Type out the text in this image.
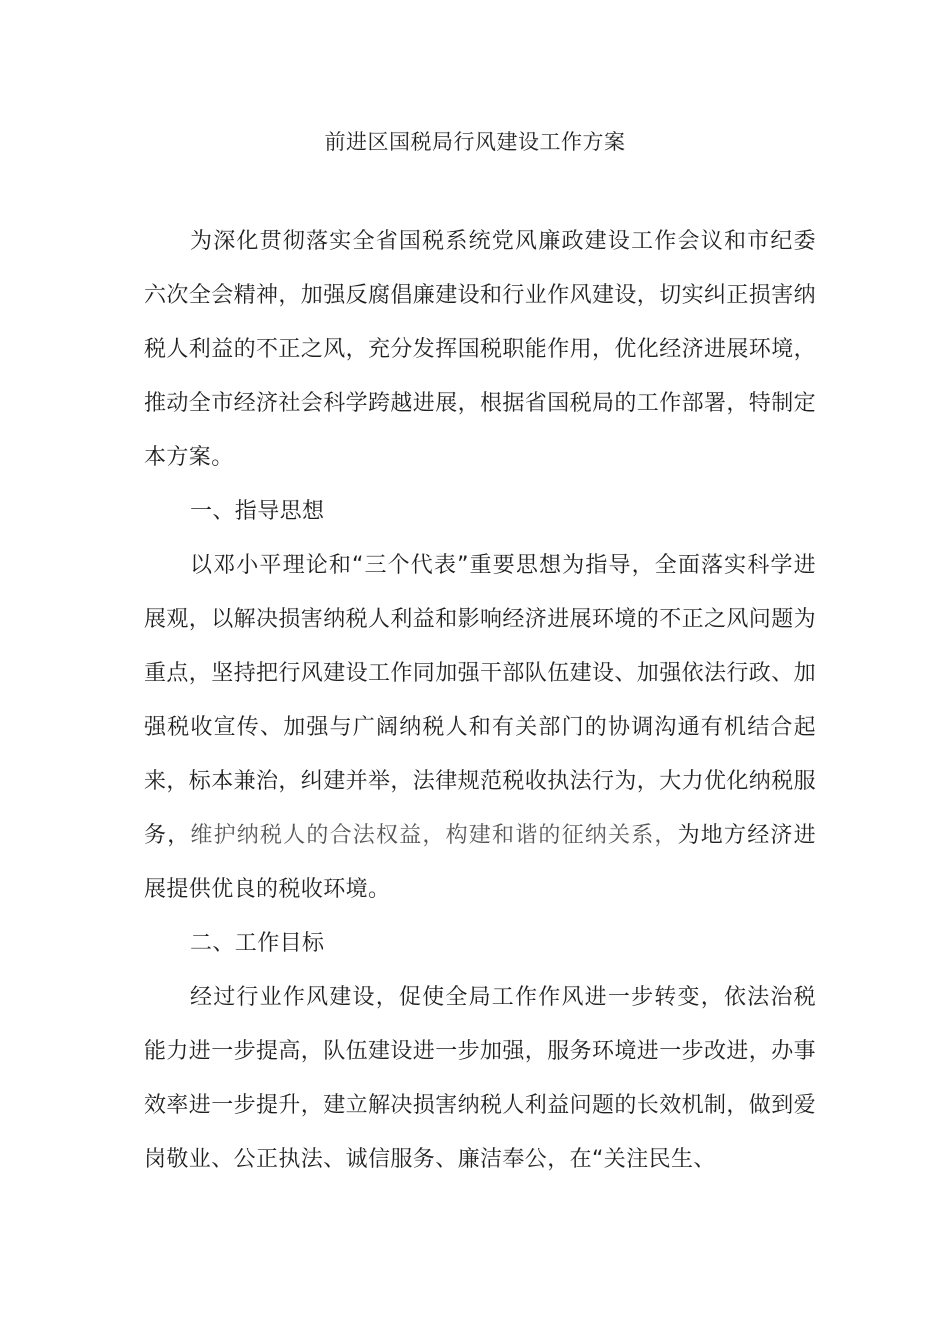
前进区国税局行风建设工作方案

为深化贯彻落实全省国税系统党风廉政建设工作会议和市纪委六次全会精神，加强反腐倡廉建设和行业作风建设，切实纠正损害纳税人利益的不正之风，充分发挥国税职能作用，优化经济进展环境，推动全市经济社会科学跨越进展，根据省国税局的工作部署，特制定本方案。

一、指导思想

以邓小平理论和“三个代表”重要思想为指导，全面落实科学进展观，以解决损害纳税人利益和影响经济进展环境的不正之风问题为重点，坚持把行风建设工作同加强干部队伍建设、加强依法行政、加强税收宣传、加强与广阔纳税人和有关部门的协调沟通有机结合起来，标本兼治，纠建并举，法律规范税收执法行为，大力优化纳税服务，维护纳税人的合法权益，构建和谐的征纳关系，为地方经济进展提供优良的税收环境。

二、工作目标

经过行业作风建设，促使全局工作作风进一步转变，依法治税能力进一步提高，队伍建设进一步加强，服务环境进一步改进，办事效率进一步提升，建立解决损害纳税人利益问题的长效机制，做到爱岗敬业、公正执法、诚信服务、廉洁奉公，在“关注民生、
